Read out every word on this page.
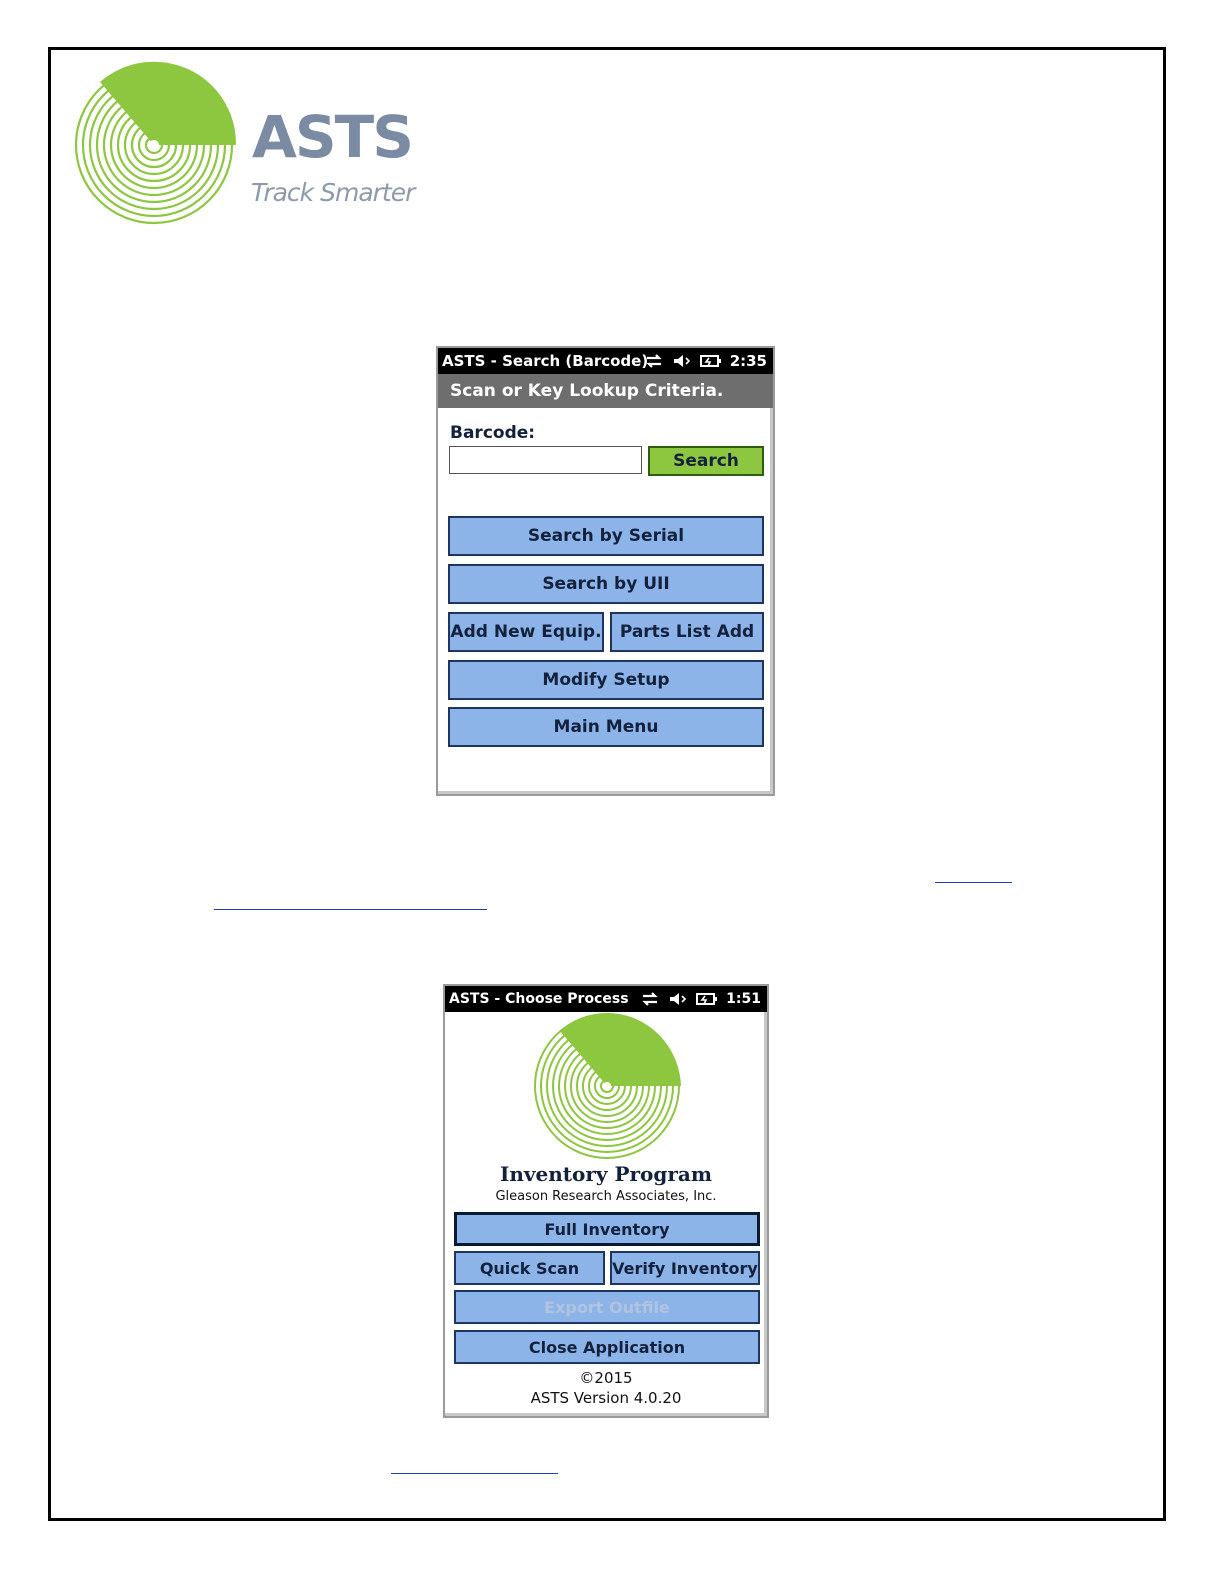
ASTS
Track Smarter
ASTS - Search (Barcode)	2:35
Scan or Key Lookup Criteria.
Barcode:
Search
Search by Serial
Search by UII
Add New Equip.	Parts List Add
Modify Setup
Main Menu
ASTS - Choose Process	1:51
Inventory Program
Gleason Research Associates, Inc.
Full Inventory
Quick Scan	Verify Inventory
Export Outfile
Close Application
©2015
ASTS Version 4.0.20
